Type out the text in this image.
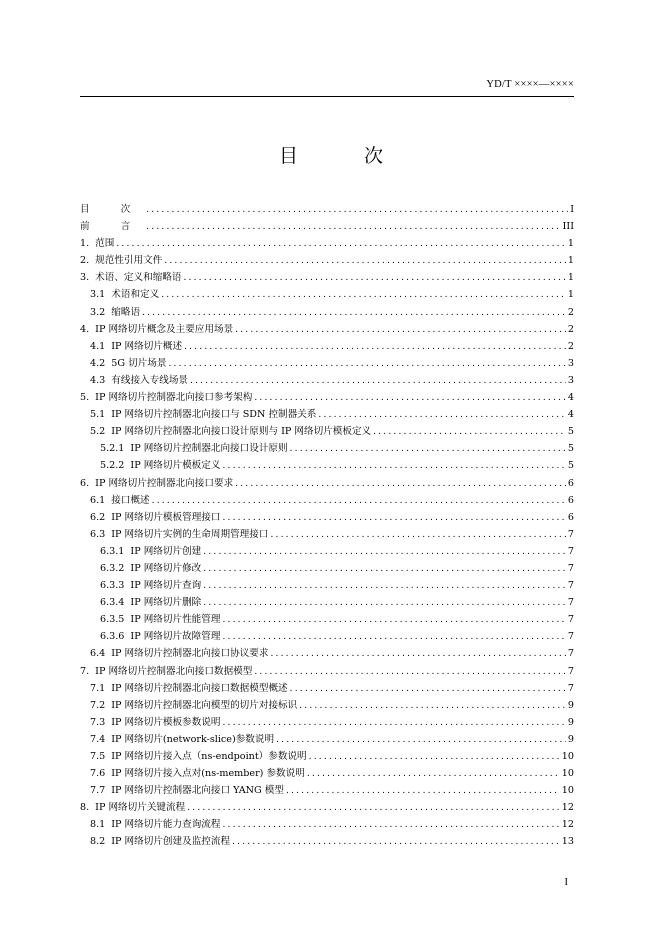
YD/T ××××—××××
目 次
目 次 .....	I
前 言 .....	III
1. 范围 .....	1
2. 规范性引用文件 .....	1
3. 术语、定义和缩略语 .....	1
3.1 术语和定义 .....	1
3.2 缩略语 .....	2
4. IP 网络切片概念及主要应用场景 .....	2
4.1 IP 网络切片概述 .....	2
4.2 5G 切片场景 .....	3
4.3 有线接入专线场景 .....	3
5. IP 网络切片控制器北向接口参考架构 .....	4
5.1 IP 网络切片控制器北向接口与 SDN 控制器关系 .....	4
5.2 IP 网络切片控制器北向接口设计原则与 IP 网络切片模板定义 .....	5
5.2.1 IP 网络切片控制器北向接口设计原则 .....	5
5.2.2 IP 网络切片模板定义 .....	5
6. IP 网络切片控制器北向接口要求 .....	6
6.1 接口概述 .....	6
6.2 IP 网络切片模板管理接口 .....	6
6.3 IP 网络切片实例的生命周期管理接口 .....	7
6.3.1 IP 网络切片创建 .....	7
6.3.2 IP 网络切片修改 .....	7
6.3.3 IP 网络切片查询 .....	7
6.3.4 IP 网络切片删除 .....	7
6.3.5 IP 网络切片性能管理 .....	7
6.3.6 IP 网络切片故障管理 .....	7
6.4 IP 网络切片控制器北向接口协议要求 .....	7
7. IP 网络切片控制器北向接口数据模型 .....	7
7.1 IP 网络切片控制器北向接口数据模型概述 .....	7
7.2 IP 网络切片控制器北向模型的切片对接标识 .....	9
7.3 IP 网络切片模板参数说明 .....	9
7.4 IP 网络切片(network-slice)参数说明 .....	9
7.5 IP 网络切片接入点（ns-endpoint）参数说明 .....	10
7.6 IP 网络切片接入点对(ns-member) 参数说明 .....	10
7.7 IP 网络切片控制器北向接口 YANG 模型 .....	10
8. IP 网络切片关键流程 .....	12
8.1 IP 网络切片能力查询流程 .....	12
8.2 IP 网络切片创建及监控流程 .....	13
I
